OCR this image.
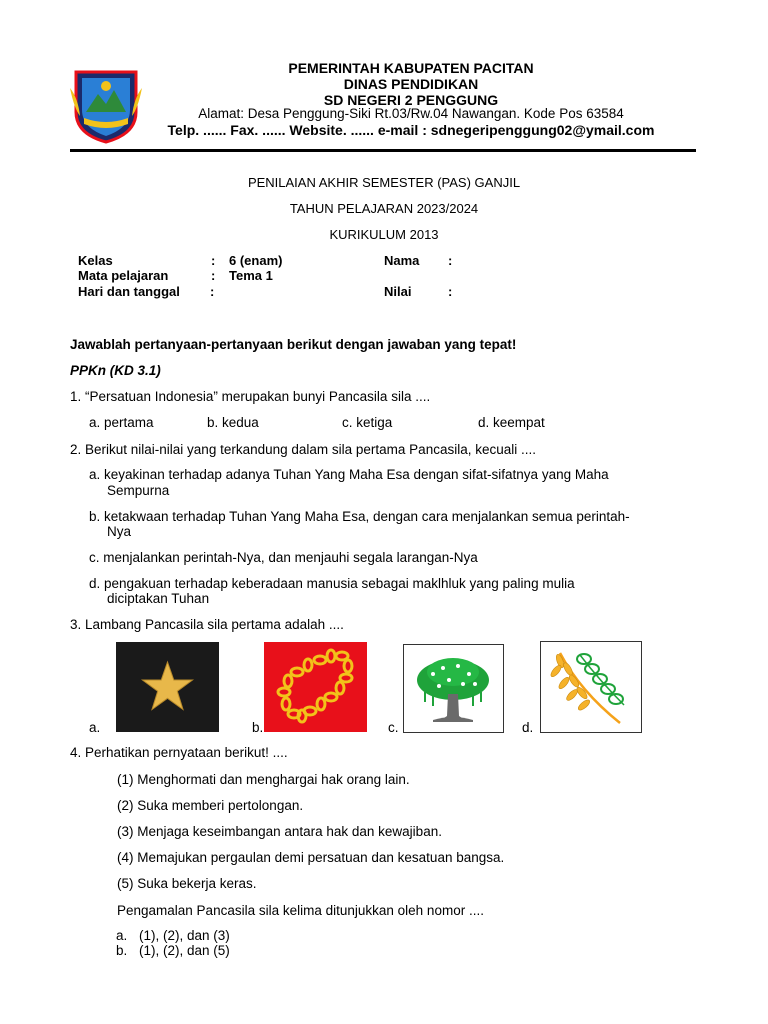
PEMERINTAH KABUPATEN PACITAN
DINAS PENDIDIKAN
SD NEGERI 2 PENGGUNG
Alamat: Desa Penggung-Siki Rt.03/Rw.04 Nawangan. Kode Pos 63584
Telp. ...... Fax. ...... Website. ...... e-mail : sdnegeripenggung02@ymail.com
PENILAIAN AKHIR SEMESTER (PAS) GANJIL
TAHUN PELAJARAN 2023/2024
KURIKULUM 2013
Kelas	: 6 (enam)	Nama :
Mata pelajaran	: Tema 1
Hari dan tanggal :	Nilai	:
Jawablah pertanyaan-pertanyaan berikut dengan jawaban yang tepat!
PPKn (KD 3.1)
1. “Persatuan Indonesia” merupakan bunyi Pancasila sila ....
a. pertama	b. kedua	c. ketiga	d. keempat
2. Berikut nilai-nilai yang terkandung dalam sila pertama Pancasila, kecuali ....
a. keyakinan terhadap adanya Tuhan Yang Maha Esa dengan sifat-sifatnya yang Maha
Sempurna
b. ketakwaan terhadap Tuhan Yang Maha Esa, dengan cara menjalankan semua perintah-
Nya
c. menjalankan perintah-Nya, dan menjauhi segala larangan-Nya
d. pengakuan terhadap keberadaan manusia sebagai maklhluk yang paling mulia
diciptakan Tuhan
3. Lambang Pancasila sila pertama adalah ....
a.	b.	c.	d.
4. Perhatikan pernyataan berikut! ....
(1) Menghormati dan menghargai hak orang lain.
(2) Suka memberi pertolongan.
(3) Menjaga keseimbangan antara hak dan kewajiban.
(4) Memajukan pergaulan demi persatuan dan kesatuan bangsa.
(5) Suka bekerja keras.
Pengamalan Pancasila sila kelima ditunjukkan oleh nomor ....
a. (1), (2), dan (3)
b. (1), (2), dan (5)
